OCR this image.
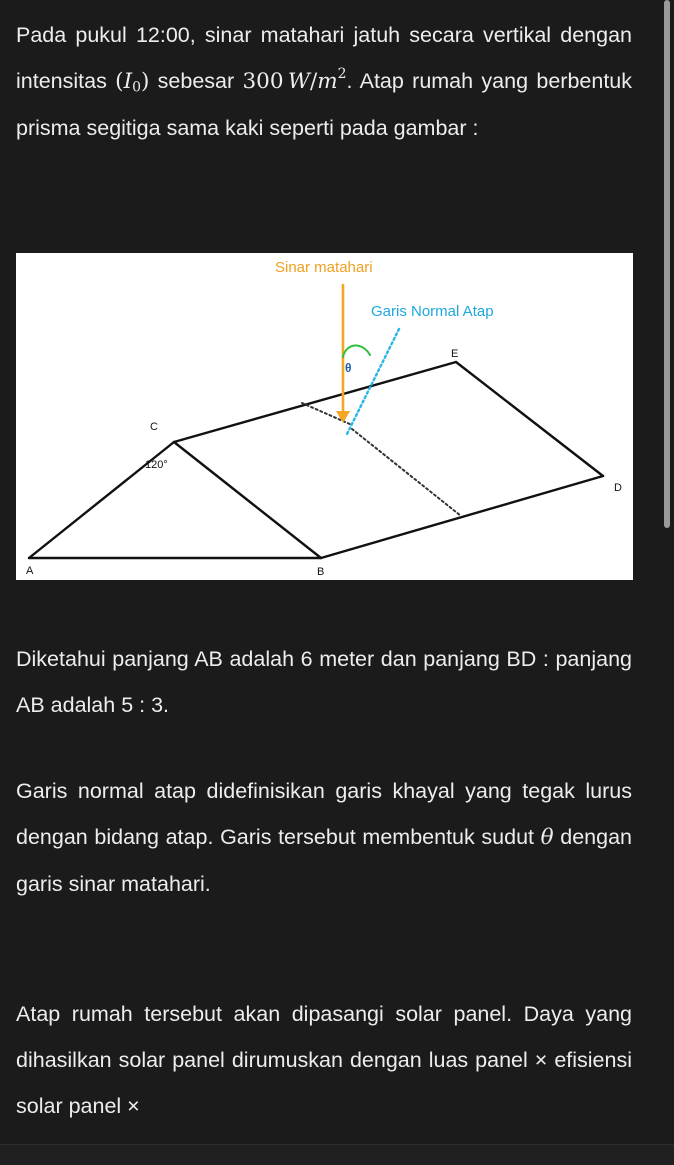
Pada pukul 12:00, sinar matahari jatuh secara vertikal dengan intensitas $(I_0)$ sebesar 300  $W/m^2$. Atap rumah yang berbentuk prisma segitiga sama kaki seperti pada gambar :

Sinar matahari
Garis Normal Atap
θ
E
C
120°
D
A	B

Diketahui panjang AB adalah 6 meter dan panjang BD : panjang AB adalah 5 : 3.

Garis normal atap didefinisikan garis khayal yang tegak lurus dengan bidang atap. Garis tersebut membentuk sudut θ dengan garis sinar matahari.

Atap rumah tersebut akan dipasangi solar panel. Daya yang dihasilkan solar panel dirumuskan dengan luas panel × efisiensi solar panel ×
